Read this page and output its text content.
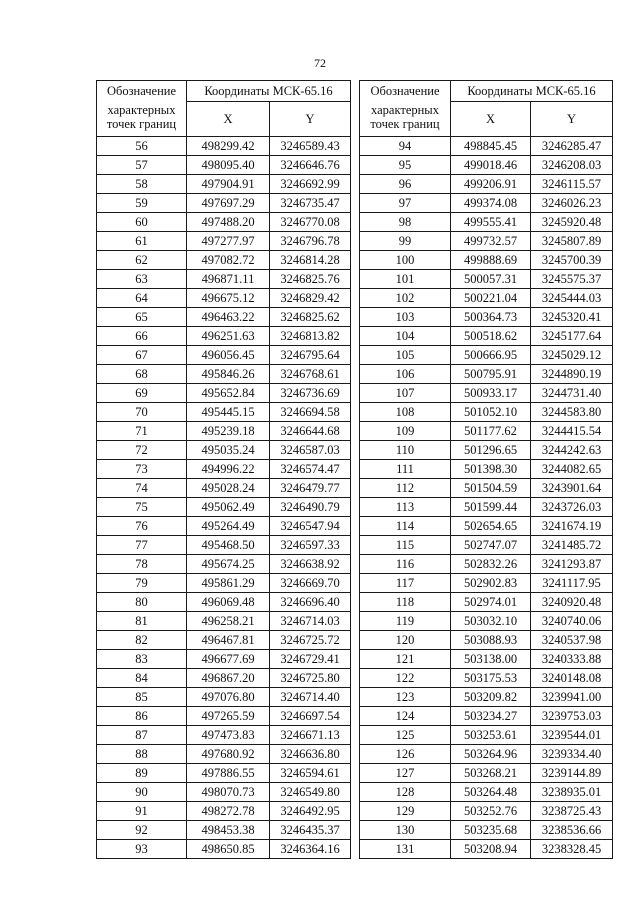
72
Обозначение
характерных
точек границ	Координаты МСК-65.16	
	X	Y
56	498299.42	3246589.43
57	498095.40	3246646.76
58	497904.91	3246692.99
59	497697.29	3246735.47
60	497488.20	3246770.08
61	497277.97	3246796.78
62	497082.72	3246814.28
63	496871.11	3246825.76
64	496675.12	3246829.42
65	496463.22	3246825.62
66	496251.63	3246813.82
67	496056.45	3246795.64
68	495846.26	3246768.61
69	495652.84	3246736.69
70	495445.15	3246694.58
71	495239.18	3246644.68
72	495035.24	3246587.03
73	494996.22	3246574.47
74	495028.24	3246479.77
75	495062.49	3246490.79
76	495264.49	3246547.94
77	495468.50	3246597.33
78	495674.25	3246638.92
79	495861.29	3246669.70
80	496069.48	3246696.40
81	496258.21	3246714.03
82	496467.81	3246725.72
83	496677.69	3246729.41
84	496867.20	3246725.80
85	497076.80	3246714.40
86	497265.59	3246697.54
87	497473.83	3246671.13
88	497680.92	3246636.80
89	497886.55	3246594.61
90	498070.73	3246549.80
91	498272.78	3246492.95
92	498453.38	3246435.37
93	498650.85	3246364.16
Обозначение
характерных
точек границ	Координаты МСК-65.16	
	X	Y
94	498845.45	3246285.47
95	499018.46	3246208.03
96	499206.91	3246115.57
97	499374.08	3246026.23
98	499555.41	3245920.48
99	499732.57	3245807.89
100	499888.69	3245700.39
101	500057.31	3245575.37
102	500221.04	3245444.03
103	500364.73	3245320.41
104	500518.62	3245177.64
105	500666.95	3245029.12
106	500795.91	3244890.19
107	500933.17	3244731.40
108	501052.10	3244583.80
109	501177.62	3244415.54
110	501296.65	3244242.63
111	501398.30	3244082.65
112	501504.59	3243901.64
113	501599.44	3243726.03
114	502654.65	3241674.19
115	502747.07	3241485.72
116	502832.26	3241293.87
117	502902.83	3241117.95
118	502974.01	3240920.48
119	503032.10	3240740.06
120	503088.93	3240537.98
121	503138.00	3240333.88
122	503175.53	3240148.08
123	503209.82	3239941.00
124	503234.27	3239753.03
125	503253.61	3239544.01
126	503264.96	3239334.40
127	503268.21	3239144.89
128	503264.48	3238935.01
129	503252.76	3238725.43
130	503235.68	3238536.66
131	503208.94	3238328.45
